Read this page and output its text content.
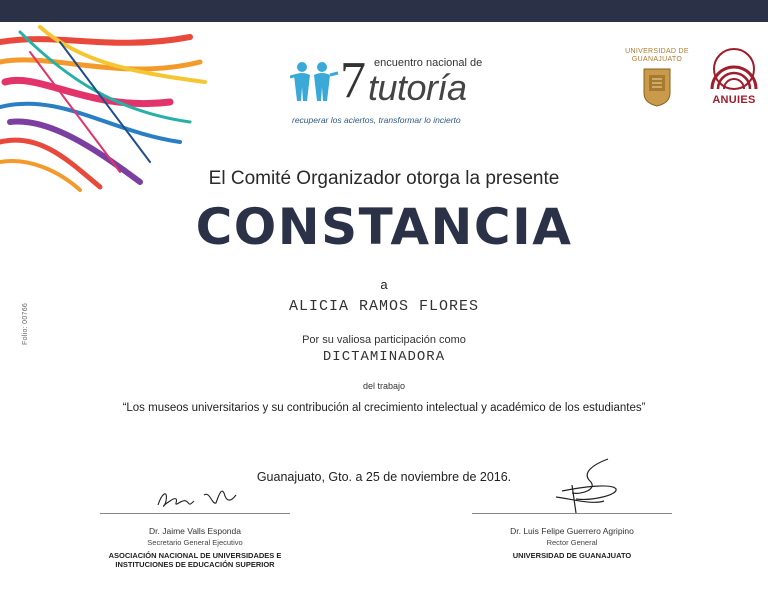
Folio: 00766
7 encuentro nacional de
tutoría
recuperar los aciertos, transformar lo incierto
UNIVERSIDAD DE
GUANAJUATO
ANUIES
El Comité Organizador otorga la presente
CONSTANCIA
a
ALICIA RAMOS FLORES
Por su valiosa participación como
DICTAMINADORA
del trabajo
“Los museos universitarios y su contribución al crecimiento intelectual y académico de los estudiantes”
Guanajuato, Gto. a 25 de noviembre de 2016.
Dr. Jaime Valls Esponda
Secretario General Ejecutivo
ASOCIACIÓN NACIONAL DE UNIVERSIDADES E
INSTITUCIONES DE EDUCACIÓN SUPERIOR
Dr. Luis Felipe Guerrero Agripino
Rector General
UNIVERSIDAD DE GUANAJUATO
